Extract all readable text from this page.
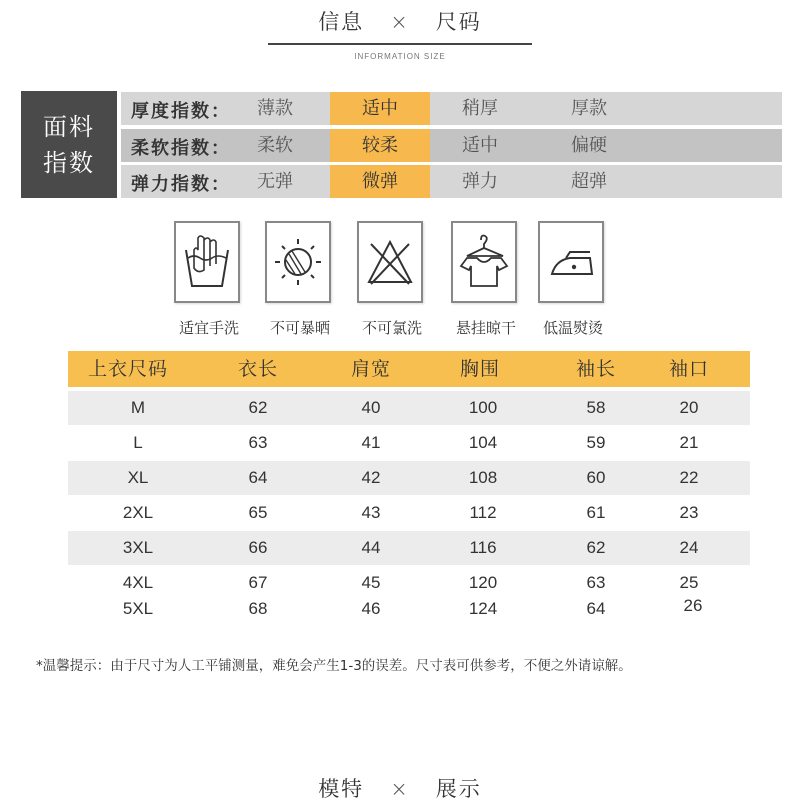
信息 × 尺码
INFORMATION SIZE
面料
指数
厚度指数：	薄款	适中	稍厚	厚款
柔软指数：	柔软	较柔	适中	偏硬
弹力指数：	无弹	微弹	弹力	超弹
适宜手洗	不可暴晒	不可氯洗	悬挂晾干	低温熨烫
上衣尺码	衣长	肩宽	胸围	袖长	袖口
M	62	40	100	58	20
L	63	41	104	59	21
XL	64	42	108	60	22
2XL	65	43	112	61	23
3XL	66	44	116	62	24
4XL	67	45	120	63	25
5XL	68	46	124	64	26
*温馨提示：由于尺寸为人工平铺测量，难免会产生1-3的误差。尺寸表可供参考，不便之外请谅解。
模特 × 展示
